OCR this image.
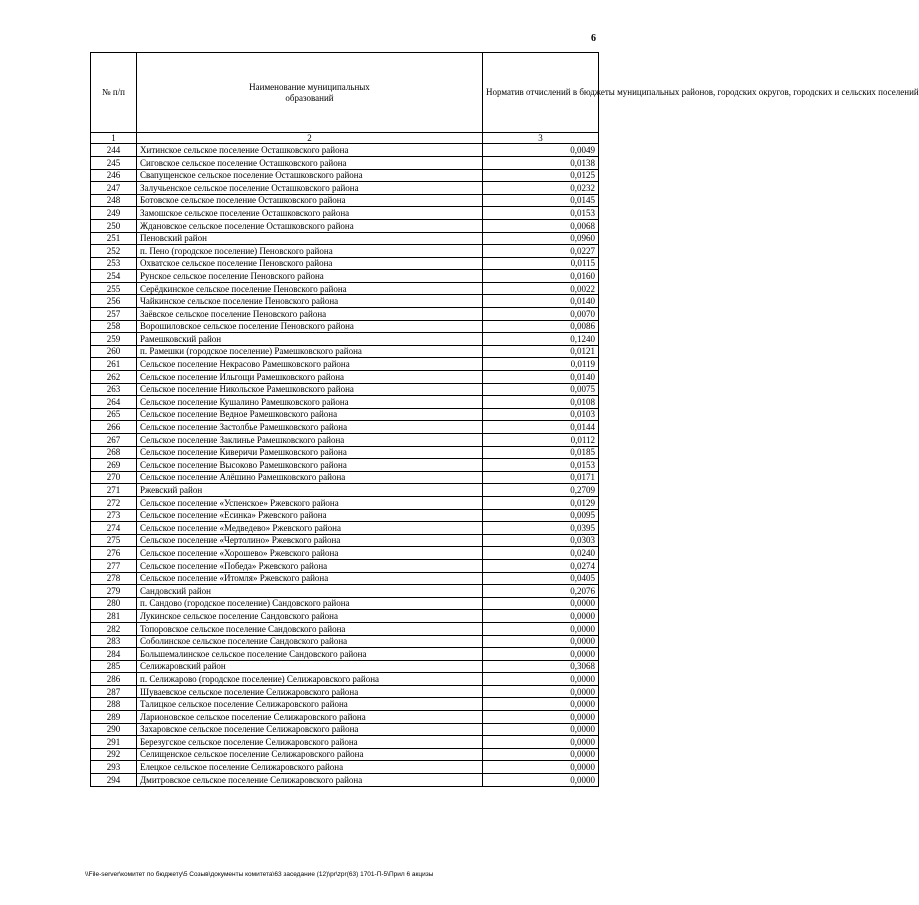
6
№ п/п	Наименование муниципальных образований	Норматив отчислений в бюджеты муниципальных районов, городских округов, городских и сельских поселений
1	2	3
244	Хитинское сельское поселение Осташковского района	0,0049
245	Сиговское сельское поселение Осташковского района	0,0138
246	Свапущенское сельское поселение Осташковского района	0,0125
247	Залучьенское сельское поселение Осташковского района	0,0232
248	Ботовское сельское поселение Осташковского района	0,0145
249	Замошское сельское поселение Осташковского района	0,0153
250	Ждановское сельское поселение Осташковского района	0,0068
251	Пеновский район	0,0960
252	п. Пено (городское поселение) Пеновского района	0,0227
253	Охватское сельское поселение Пеновского района	0,0115
254	Рунское сельское поселение Пеновского района	0,0160
255	Серёдкинское сельское поселение Пеновского района	0,0022
256	Чайкинское сельское поселение Пеновского района	0,0140
257	Заёвское сельское поселение Пеновского района	0,0070
258	Ворошиловское сельское поселение Пеновского района	0,0086
259	Рамешковский район	0,1240
260	п. Рамешки (городское поселение) Рамешковского района	0,0121
261	Сельское поселение Некрасово Рамешковского района	0,0119
262	Сельское поселение Ильгощи Рамешковского района	0,0140
263	Сельское поселение Никольское Рамешковского района	0,0075
264	Сельское поселение Кушалино Рамешковского района	0,0108
265	Сельское поселение Ведное Рамешковского района	0,0103
266	Сельское поселение Застолбье Рамешковского района	0,0144
267	Сельское поселение Заклинье Рамешковского района	0,0112
268	Сельское поселение Киверичи Рамешковского района	0,0185
269	Сельское поселение Высоково Рамешковского района	0,0153
270	Сельское поселение Алёшино Рамешковского района	0,0171
271	Ржевский район	0,2709
272	Сельское поселение «Успенское» Ржевского района	0,0129
273	Сельское поселение «Есинка» Ржевского района	0,0095
274	Сельское поселение «Медведево» Ржевского района	0,0395
275	Сельское поселение «Чертолино» Ржевского района	0,0303
276	Сельское поселение «Хорошево» Ржевского района	0,0240
277	Сельское поселение «Победа» Ржевского района	0,0274
278	Сельское поселение «Итомля» Ржевского района	0,0405
279	Сандовский район	0,2076
280	п. Сандово (городское поселение) Сандовского района	0,0000
281	Лукинское сельское поселение Сандовского района	0,0000
282	Топоровское сельское поселение Сандовского района	0,0000
283	Соболинское сельское поселение Сандовского района	0,0000
284	Большемалинское сельское поселение Сандовского района	0,0000
285	Селижаровский район	0,3068
286	п. Селижарово (городское поселение) Селижаровского района	0,0000
287	Шуваевское сельское поселение Селижаровского района	0,0000
288	Талицкое сельское поселение Селижаровского района	0,0000
289	Ларионовское сельское поселение Селижаровского района	0,0000
290	Захаровское сельское поселение Селижаровского района	0,0000
291	Березугское сельское поселение Селижаровского района	0,0000
292	Селищенское сельское поселение Селижаровского района	0,0000
293	Елецкое сельское поселение Селижаровского района	0,0000
294	Дмитровское сельское поселение Селижаровского района	0,0000
\\File-server\комитет по бюджету\5 Созыв\документы комитета\63 заседание (12)\pr\zpr(63) 1701-П-5\Прил 6 акцизы
